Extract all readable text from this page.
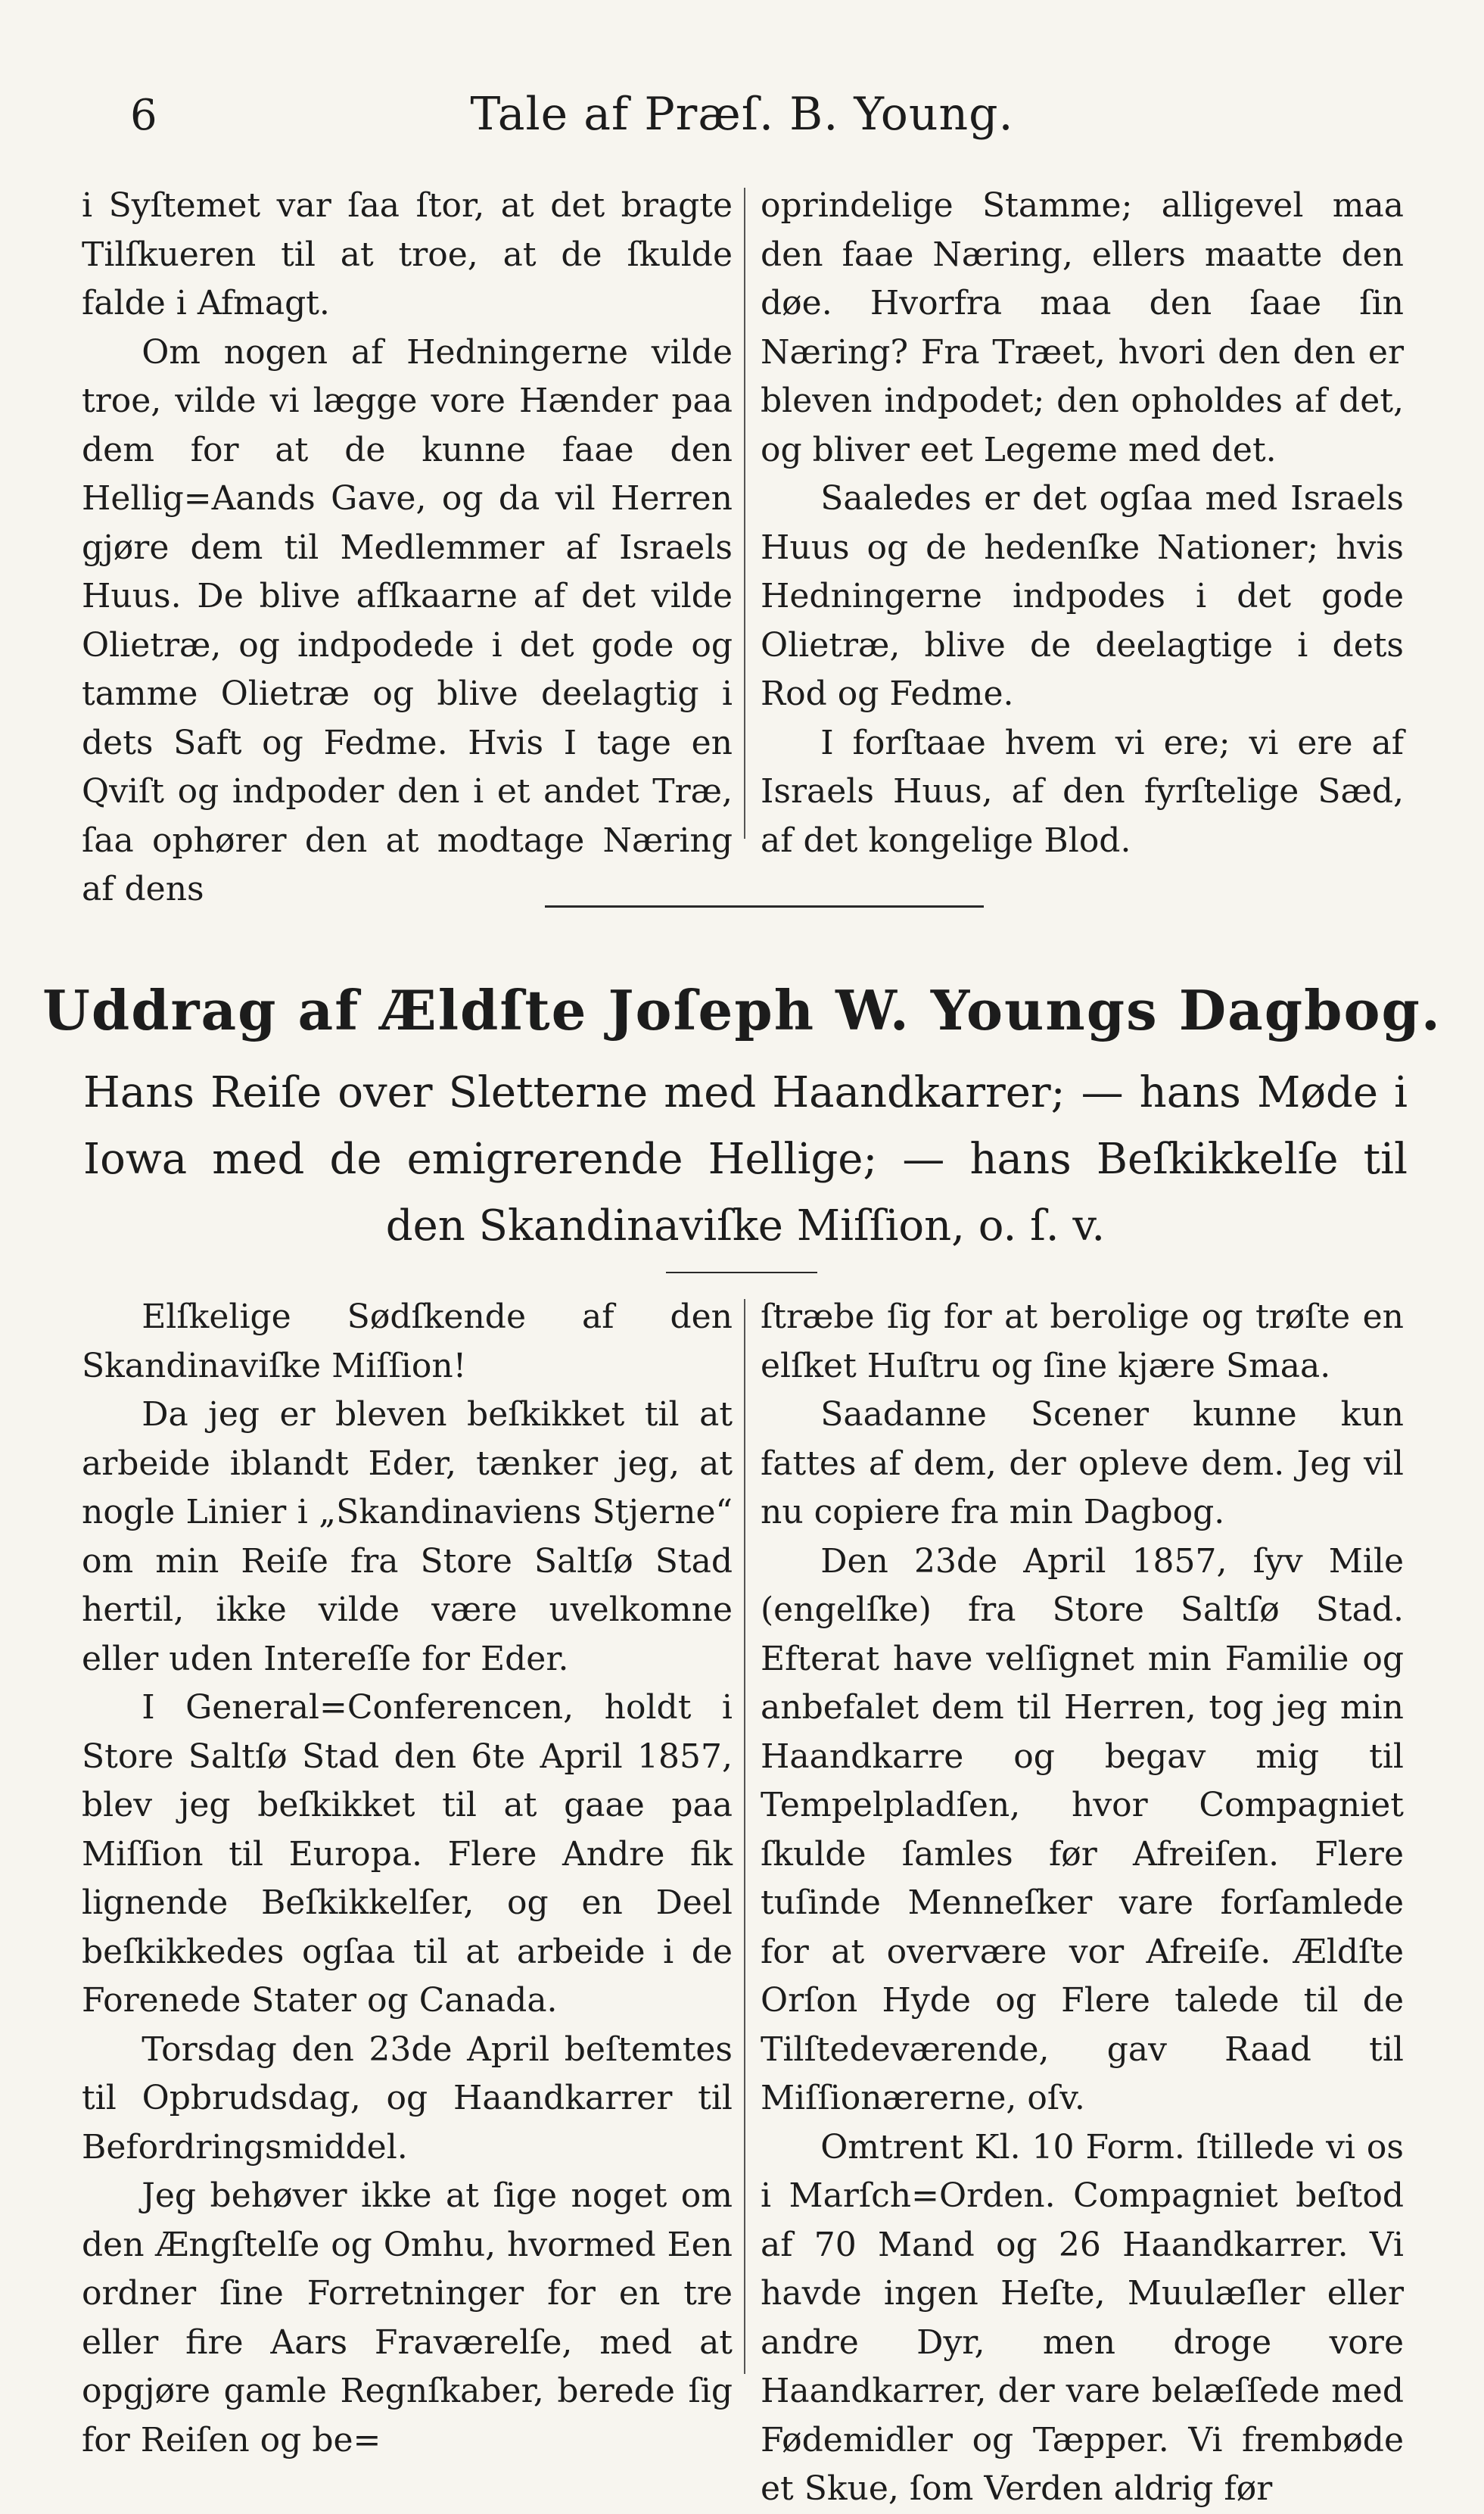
6	Tale af Præſ. B. Young.

i Syſtemet var ſaa ſtor, at det bragte Tilſkueren til at troe, at de ſkulde falde i Afmagt.

Om nogen af Hedningerne vilde troe, vilde vi lægge vore Hænder paa dem for at de kunne faae den Hellig=Aands Gave, og da vil Herren gjøre dem til Medlemmer af Israels Huus. De blive afſkaarne af det vilde Olietræ, og indpodede i det gode og tamme Olietræ og blive deelagtig i dets Saft og Fedme. Hvis I tage en Qviſt og indpoder den i et andet Træ, ſaa ophører den at modtage Næring af dens

oprindelige Stamme; alligevel maa den faae Næring, ellers maatte den døe. Hvorfra maa den ſaae ſin Næring? Fra Træet, hvori den den er bleven indpodet; den opholdes af det, og bliver eet Legeme med det.

Saaledes er det ogſaa med Israels Huus og de hedenſke Nationer; hvis Hedningerne indpodes i det gode Olietræ, blive de deelagtige i dets Rod og Fedme.

I forſtaae hvem vi ere; vi ere af Israels Huus, af den fyrſtelige Sæd, af det kongelige Blod.

Uddrag af Ældſte Joſeph W. Youngs Dagbog.
Hans Reiſe over Sletterne med Haandkarrer; — hans Møde i Iowa med de emigrerende Hellige; — hans Beſkikkelſe til den Skandinaviſke Miſſion, o. ſ. v.

Elſkelige Sødſkende af den Skandinaviſke Miſſion!

Da jeg er bleven beſkikket til at arbeide iblandt Eder, tænker jeg, at nogle Linier i „Skandinaviens Stjerne“ om min Reiſe fra Store Saltſø Stad hertil, ikke vilde være uvelkomne eller uden Intereſſe for Eder.

I General=Conferencen, holdt i Store Saltſø Stad den 6te April 1857, blev jeg beſkikket til at gaae paa Miſſion til Europa. Flere Andre fik lignende Beſkikkelſer, og en Deel beſkikkedes ogſaa til at arbeide i de Forenede Stater og Canada.

Torsdag den 23de April beſtemtes til Opbrudsdag, og Haandkarrer til Befordringsmiddel.

Jeg behøver ikke at ſige noget om den Ængſtelſe og Omhu, hvormed Een ordner ſine Forretninger for en tre eller fire Aars Fraværelſe, med at opgjøre gamle Regnſkaber, berede ſig for Reiſen og be=

ſtræbe ſig for at berolige og trøſte en elſket Huſtru og ſine kjære Smaa.

Saadanne Scener kunne kun fattes af dem, der opleve dem. Jeg vil nu copiere fra min Dagbog.

Den 23de April 1857, ſyv Mile (engelſke) fra Store Saltſø Stad. Efterat have velſignet min Familie og anbefalet dem til Herren, tog jeg min Haandkarre og begav mig til Tempelpladſen, hvor Compagniet ſkulde ſamles før Afreiſen. Flere tuſinde Menneſker vare forſamlede for at overvære vor Afreiſe. Ældſte Orſon Hyde og Flere talede til de Tilſtedeværende, gav Raad til Miſſionærerne, oſv.

Omtrent Kl. 10 Form. ſtillede vi os i Marſch=Orden. Compagniet beſtod af 70 Mand og 26 Haandkarrer. Vi havde ingen Heſte, Muulæſler eller andre Dyr, men droge vore Haandkarrer, der vare belæſſede med Fødemidler og Tæpper. Vi frembøde et Skue, ſom Verden aldrig før
